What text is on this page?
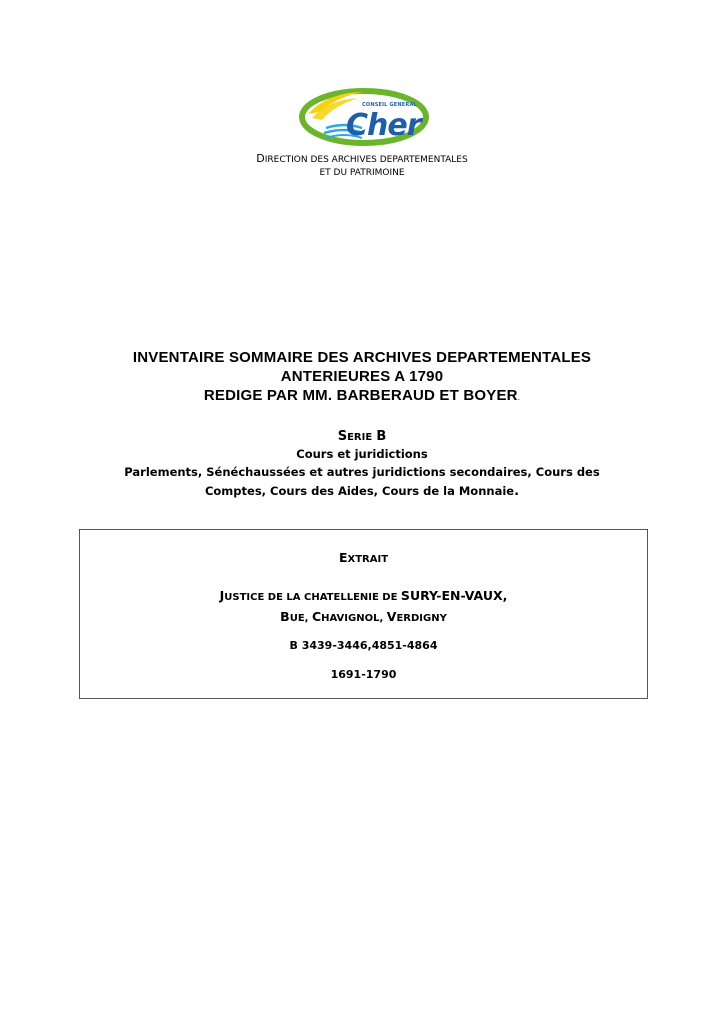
CONSEIL GENERAL
Cher
DIRECTION DES ARCHIVES DEPARTEMENTALES
ET DU PATRIMOINE
INVENTAIRE SOMMAIRE DES ARCHIVES DEPARTEMENTALES
ANTERIEURES A 1790
REDIGE PAR MM. BARBERAUD ET BOYER.
SERIE B
Cours et juridictions
Parlements, Sénéchaussées et autres juridictions secondaires, Cours des
Comptes, Cours des Aides, Cours de la Monnaie.
EXTRAIT
JUSTICE DE LA CHATELLENIE DE SURY-EN-VAUX,
BUE, CHAVIGNOL, VERDIGNY
B 3439-3446,4851-4864
1691-1790
